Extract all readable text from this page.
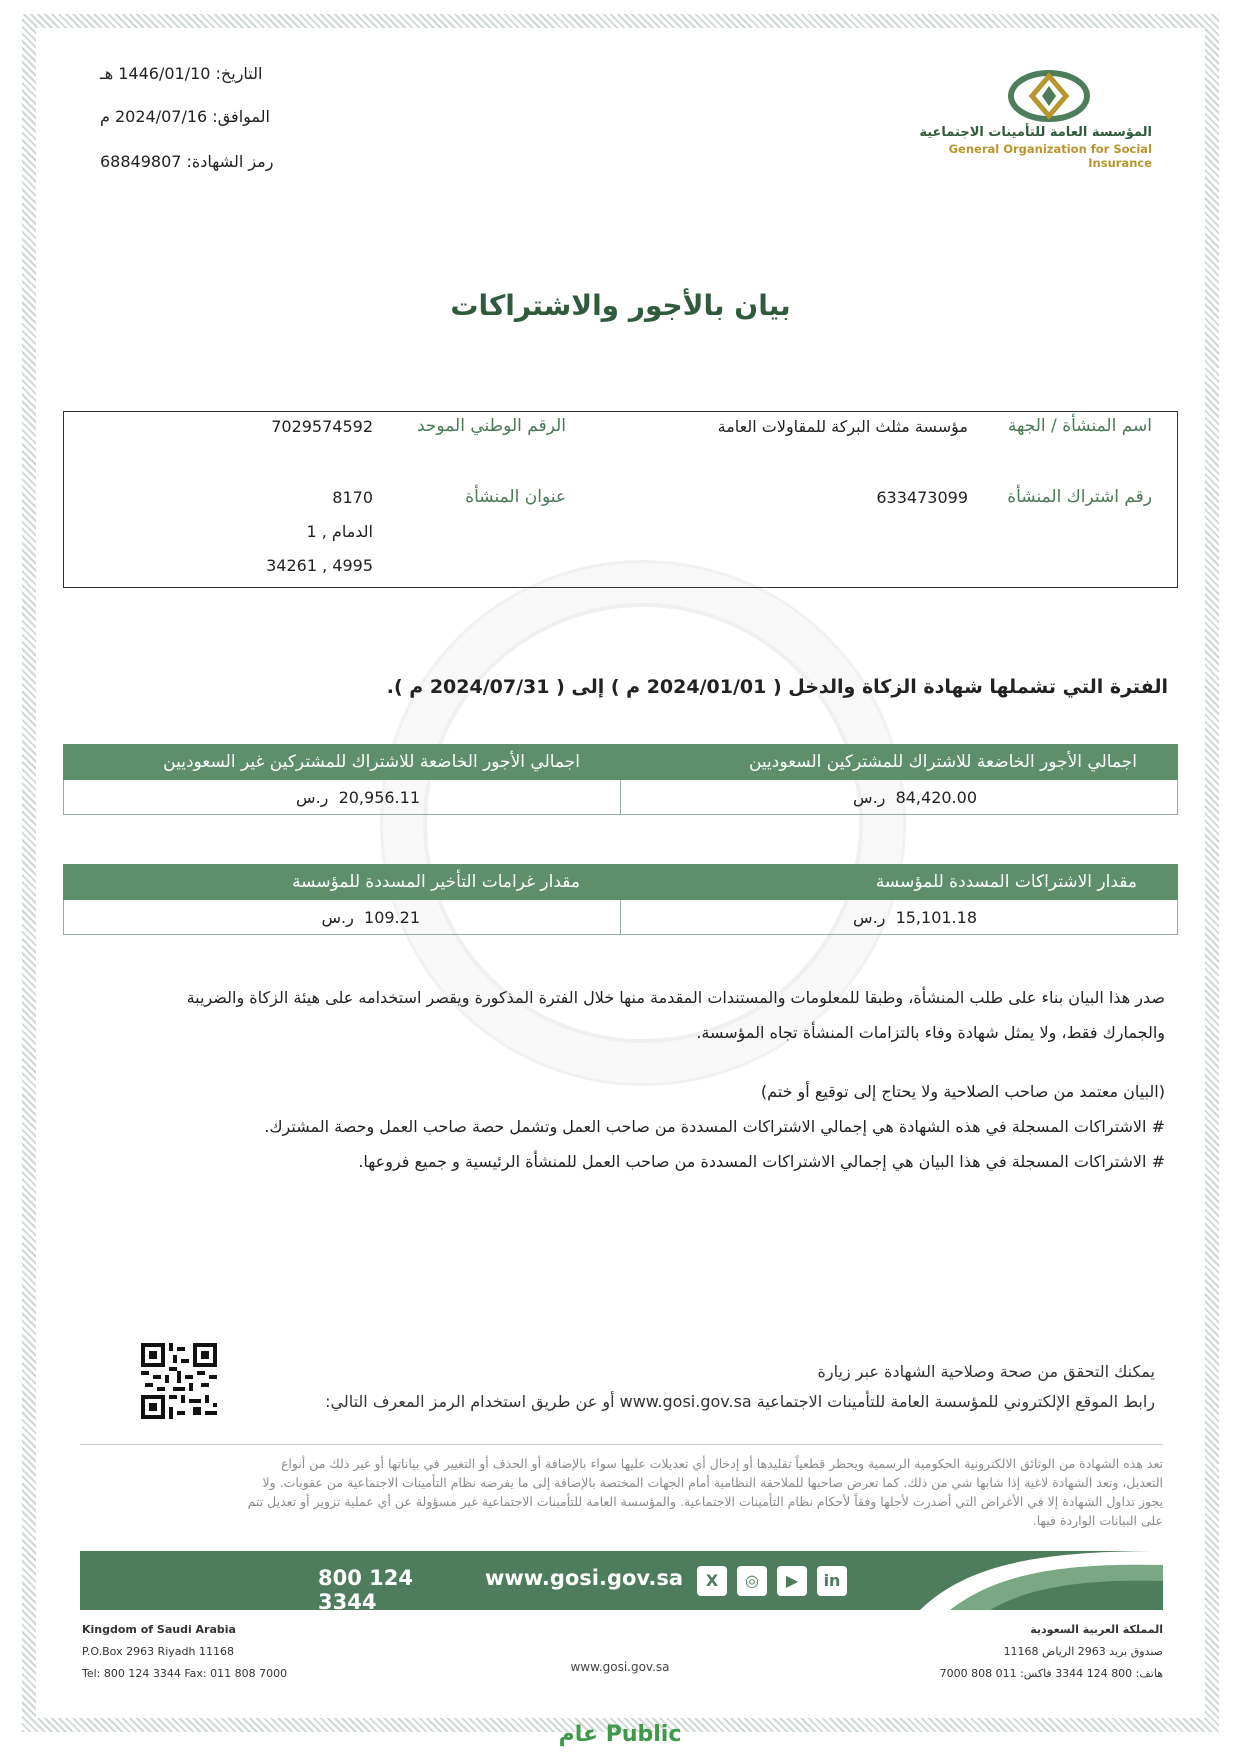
التاريخ: 1446/01/10 هـ
الموافق: 2024/07/16 م
رمز الشهادة: 68849807
المؤسسة العامة للتأمينات الاجتماعية
General Organization for Social Insurance
بيان بالأجور والاشتراكات
اسم المنشأة / الجهة
مؤسسة مثلث البركة للمقاولات العامة
الرقم الوطني الموحد
7029574592
رقم اشتراك المنشأة
633473099
عنوان المنشأة
8170
الدمام , 1
34261 , 4995
الفترة التي تشملها شهادة الزكاة والدخل ( 2024/01/01 م ) إلى ( 2024/07/31 م ).
اجمالي الأجور الخاضعة للاشتراك للمشتركين السعوديين	اجمالي الأجور الخاضعة للاشتراك للمشتركين غير السعوديين
84,420.00  ر.س	20,956.11  ر.س
مقدار الاشتراكات المسددة للمؤسسة	مقدار غرامات التأخير المسددة للمؤسسة
15,101.18  ر.س	109.21  ر.س
صدر هذا البيان بناء على طلب المنشأة، وطبقا للمعلومات والمستندات المقدمة منها خلال الفترة المذكورة ويقصر استخدامه على هيئة الزكاة والضريبة
والجمارك فقط، ولا يمثل شهادة وفاء بالتزامات المنشأة تجاه المؤسسة.
(البيان معتمد من صاحب الصلاحية ولا يحتاج إلى توقيع أو ختم)
# الاشتراكات المسجلة في هذه الشهادة هي إجمالي الاشتراكات المسددة من صاحب العمل وتشمل حصة صاحب العمل وحصة المشترك.
# الاشتراكات المسجلة في هذا البيان هي إجمالي الاشتراكات المسددة من صاحب العمل للمنشأة الرئيسية و جميع فروعها.
يمكنك التحقق من صحة وصلاحية الشهادة عبر زيارة
رابط الموقع الإلكتروني للمؤسسة العامة للتأمينات الاجتماعية www.gosi.gov.sa أو عن طريق استخدام الرمز المعرف التالي:
تعد هذه الشهادة من الوثائق الالكترونية الحكومية الرسمية ويحظر قطعياً تقليدها أو إدخال أي تعديلات عليها سواء بالإضافة أو الحذف أو التغيير في بياناتها أو غير ذلك من أنواع
التعديل، وتعد الشهادة لاغية إذا شابها شي من ذلك. كما تعرض صاحبها للملاحقة النظامية أمام الجهات المختصة بالإضافة إلى ما يفرضه نظام التأمينات الاجتماعية من عقوبات. ولا
يجوز تداول الشهادة إلا في الأغراض التي أصدرت لأجلها وفقاً لأحكام نظام التأمينات الاجتماعية. والمؤسسة العامة للتأمينات الاجتماعية غير مسؤولة عن أي عملية تزوير أو تعديل تتم
على البيانات الواردة فيها.
800 124 3344
www.gosi.gov.sa	X	◎	▶	in
Kingdom of Saudi Arabia
P.O.Box 2963 Riyadh 11168
Tel: 800 124 3344 Fax: 011 808 7000	www.gosi.gov.sa
المملكة العربية السعودية
صندوق بريد 2963 الرياض 11168
هاتف: 800 124 3344 فاكس: 011 808 7000
عام Public
